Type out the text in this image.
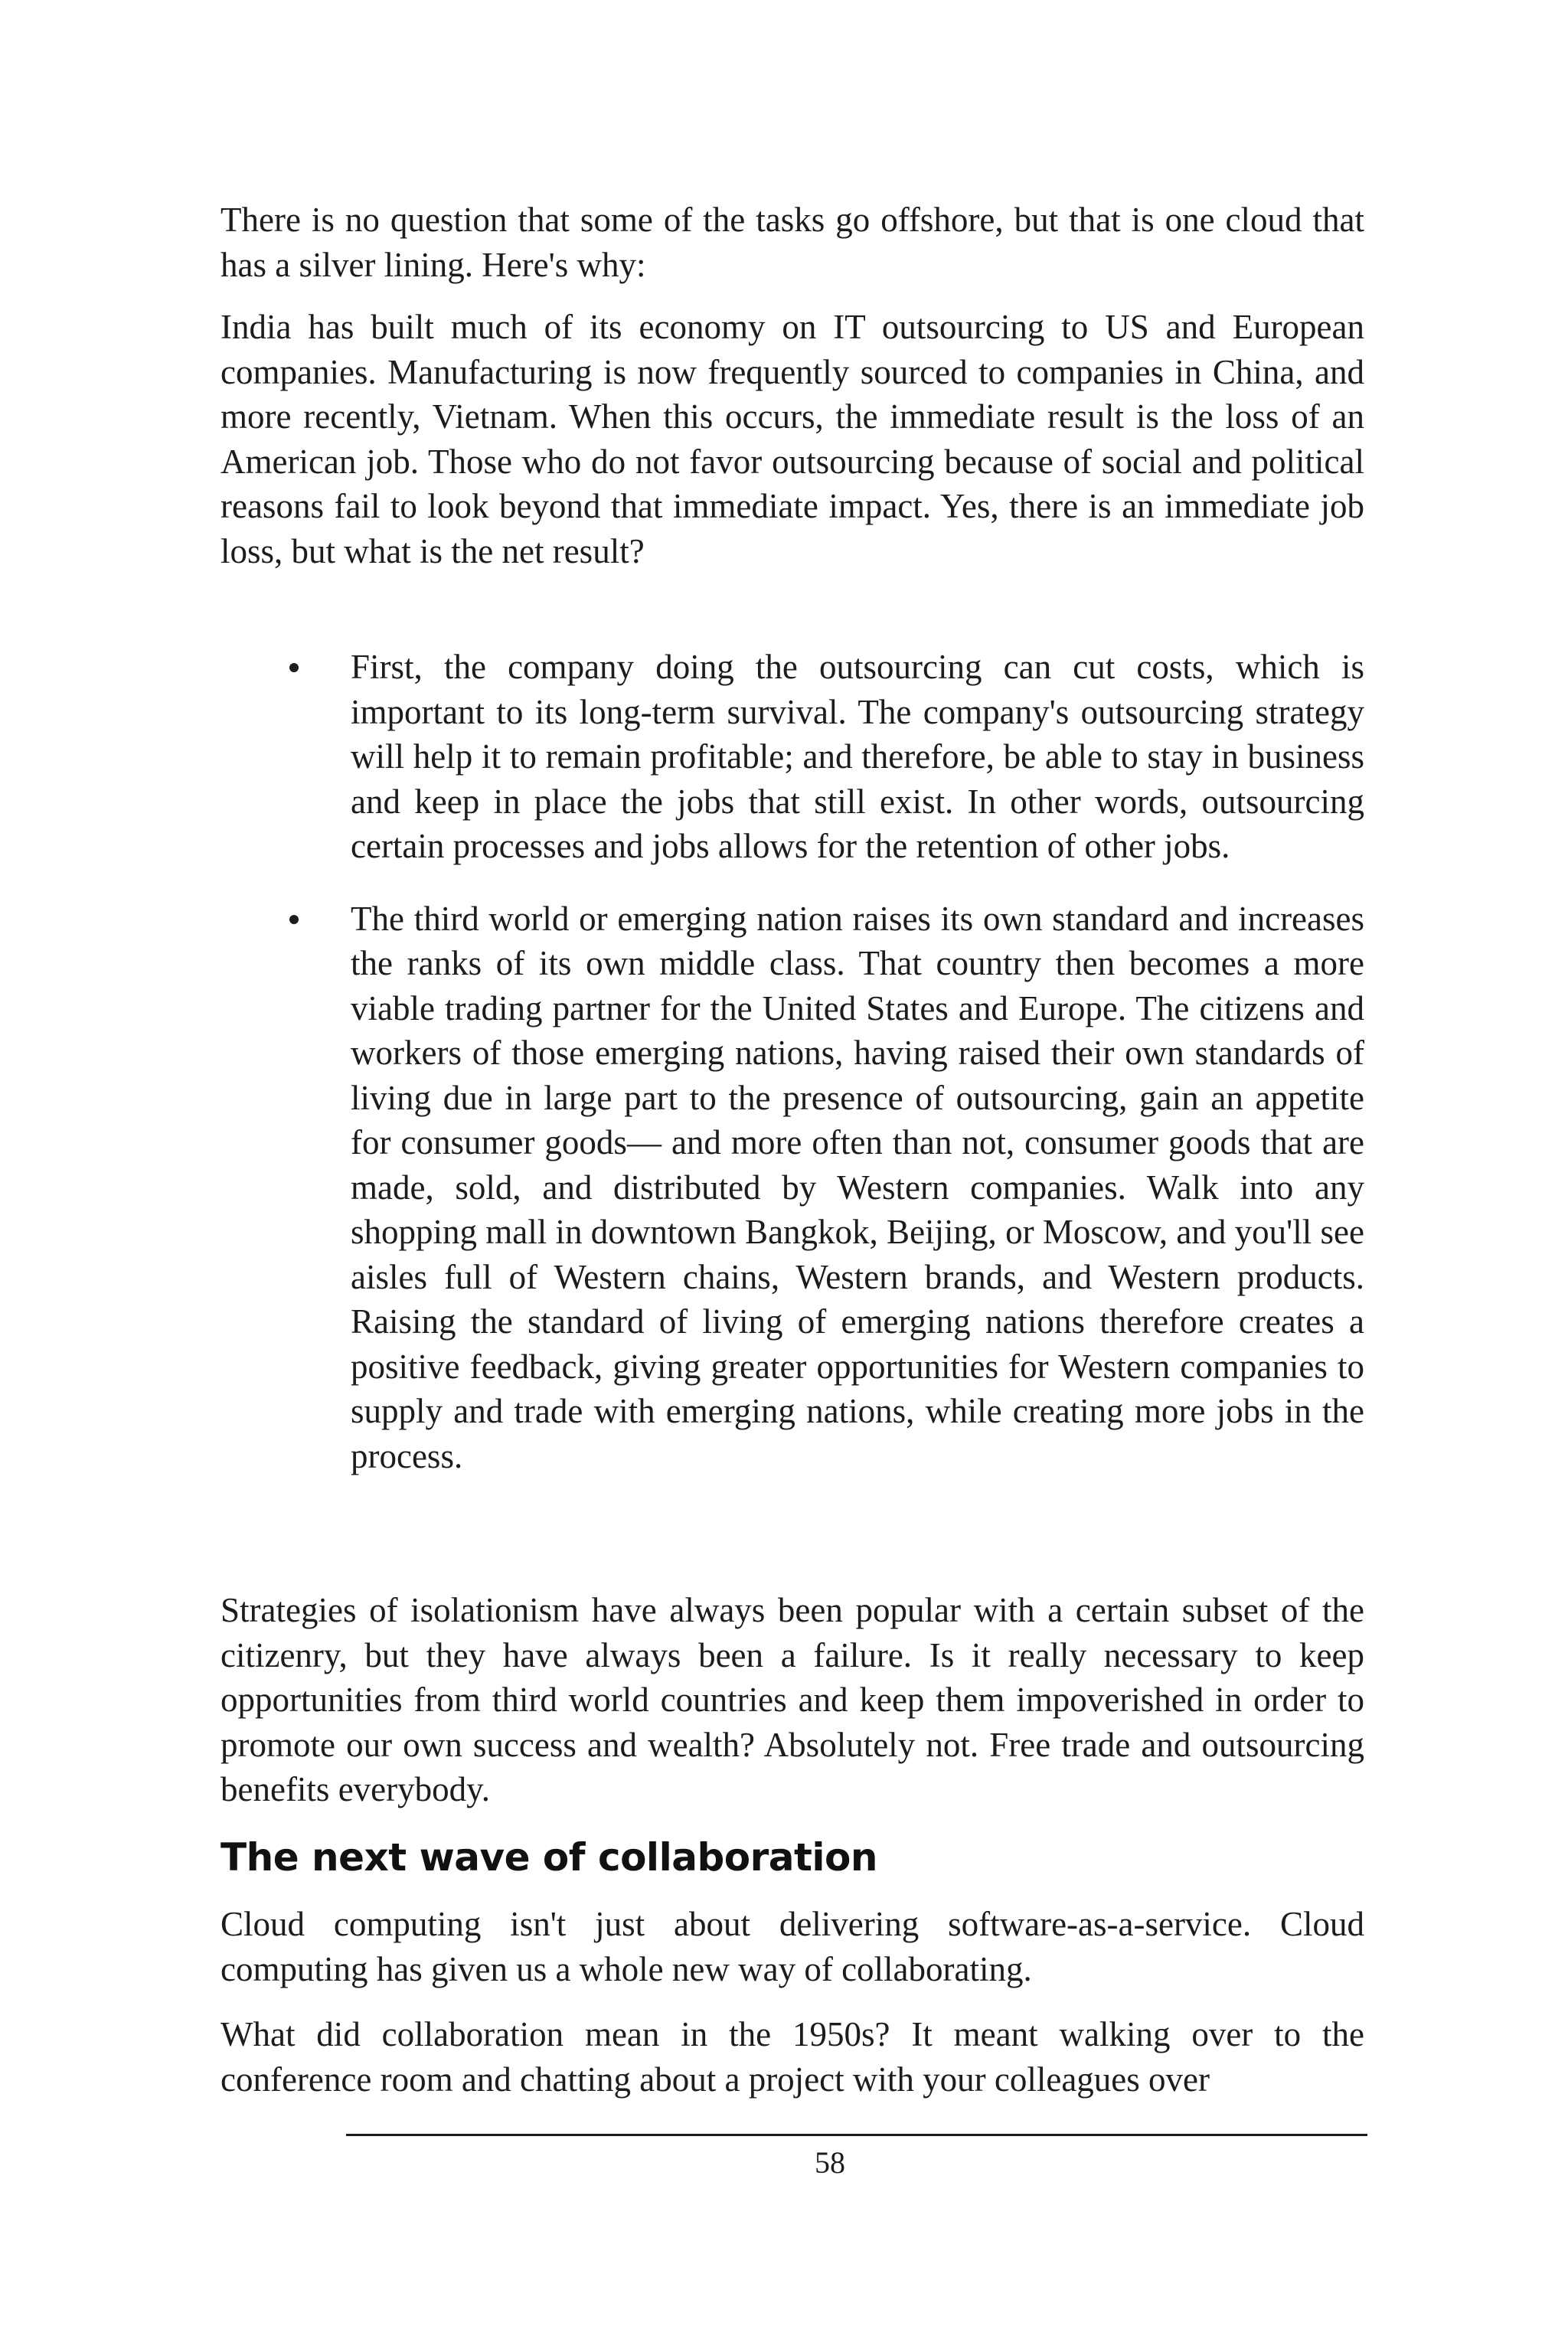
There is no question that some of the tasks go offshore, but that is one cloud that has a silver lining. Here's why:

India has built much of its economy on IT outsourcing to US and European companies. Manufacturing is now frequently sourced to companies in China, and more recently, Vietnam. When this occurs, the immediate result is the loss of an American job. Those who do not favor outsourcing because of social and political reasons fail to look beyond that immediate impact. Yes, there is an immediate job loss, but what is the net result?

First, the company doing the outsourcing can cut costs, which is important to its long-term survival. The company's outsourcing strategy will help it to remain profitable; and therefore, be able to stay in business and keep in place the jobs that still exist. In other words, outsourcing certain processes and jobs allows for the retention of other jobs.
The third world or emerging nation raises its own standard and increases the ranks of its own middle class. That country then becomes a more viable trading partner for the United States and Europe. The citizens and workers of those emerging nations, having raised their own standards of living due in large part to the presence of outsourcing, gain an appetite for consumer goods— and more often than not, consumer goods that are made, sold, and distributed by Western companies. Walk into any shopping mall in downtown Bangkok, Beijing, or Moscow, and you'll see aisles full of Western chains, Western brands, and Western products. Raising the standard of living of emerging nations therefore creates a positive feedback, giving greater opportunities for Western companies to supply and trade with emerging nations, while creating more jobs in the process.

Strategies of isolationism have always been popular with a certain subset of the citizenry, but they have always been a failure. Is it really necessary to keep opportunities from third world countries and keep them impoverished in order to promote our own success and wealth? Absolutely not. Free trade and outsourcing benefits everybody.

The next wave of collaboration

Cloud computing isn't just about delivering software-as-a-service. Cloud computing has given us a whole new way of collaborating.

What did collaboration mean in the 1950s? It meant walking over to the conference room and chatting about a project with your colleagues over

58
